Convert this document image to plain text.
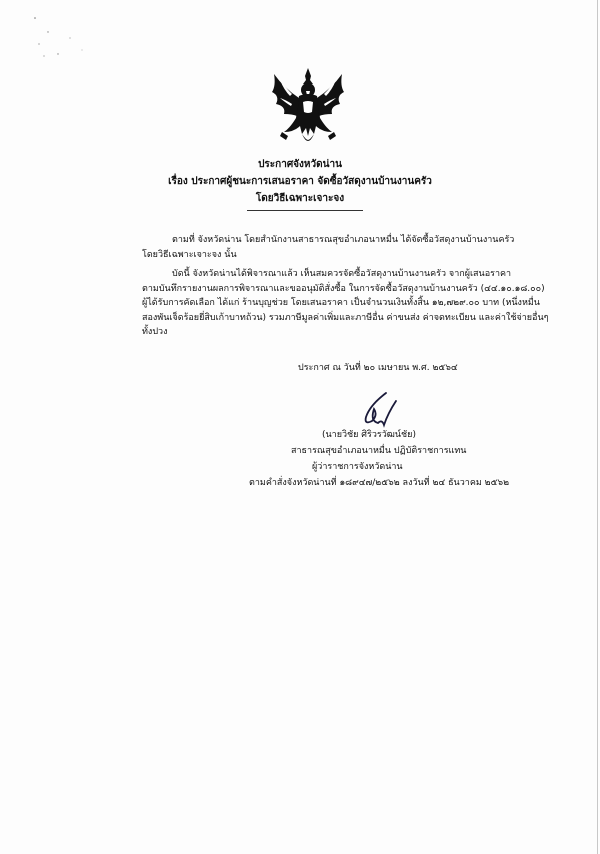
ประกาศจังหวัดน่าน
เรื่อง ประกาศผู้ชนะการเสนอราคา จัดซื้อวัสดุงานบ้านงานครัว
โดยวิธีเฉพาะเจาะจง
ตามที่ จังหวัดน่าน โดยสำนักงานสาธารณสุขอำเภอนาหมื่น ได้จัดซื้อวัสดุงานบ้านงานครัว
โดยวิธีเฉพาะเจาะจง นั้น
บัดนี้ จังหวัดน่านได้พิจารณาแล้ว เห็นสมควรจัดซื้อวัสดุงานบ้านงานครัว จากผู้เสนอราคา
ตามบันทึกรายงานผลการพิจารณาและขออนุมัติสั่งซื้อ ในการจัดซื้อวัสดุงานบ้านงานครัว (๔๔.๑๐.๑๘.๐๐)
ผู้ได้รับการคัดเลือก ได้แก่ ร้านบุญช่วย โดยเสนอราคา เป็นจำนวนเงินทั้งสิ้น ๑๒,๗๒๙.๐๐ บาท (หนึ่งหมื่น
สองพันเจ็ดร้อยยี่สิบเก้าบาทถ้วน) รวมภาษีมูลค่าเพิ่มและภาษีอื่น ค่าขนส่ง ค่าจดทะเบียน และค่าใช้จ่ายอื่นๆ
ทั้งปวง
ประกาศ ณ วันที่ ๒๐ เมษายน พ.ศ. ๒๕๖๔
(นายวิชัย ศิริวรวัฒน์ชัย)
สาธารณสุขอำเภอนาหมื่น ปฏิบัติราชการแทน
ผู้ว่าราชการจังหวัดน่าน
ตามคำสั่งจังหวัดน่านที่ ๑๘๙๔๗/๒๕๖๒ ลงวันที่ ๒๔ ธันวาคม ๒๕๖๒
